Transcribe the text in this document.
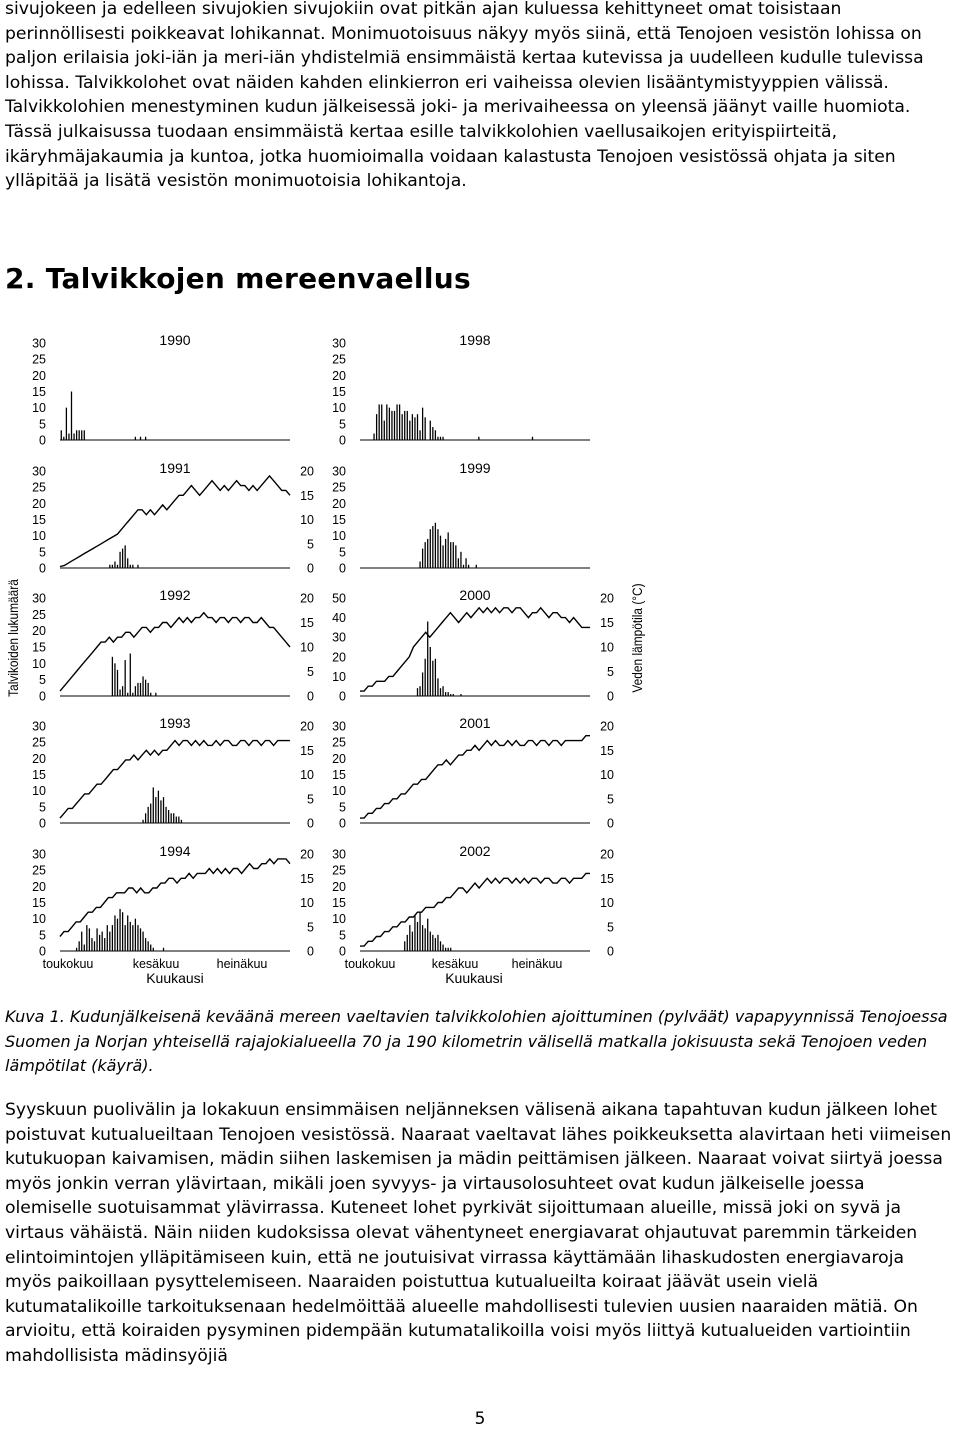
sivujokeen ja edelleen sivujokien sivujokiin ovat pitkän ajan kuluessa kehittyneet omat toisistaan perinnöllisesti poikkeavat lohikannat. Monimuotoisuus näkyy myös siinä, että Tenojoen vesistön lohissa on paljon erilaisia joki-iän ja meri-iän yhdistelmiä ensimmäistä kertaa kutevissa ja uudelleen kudulle tulevissa lohissa. Talvikkolohet ovat näiden kahden elinkierron eri vaiheissa olevien lisääntymistyyppien välissä. Talvikkolohien menestyminen kudun jälkeisessä joki- ja merivaiheessa on yleensä jäänyt vaille huomiota. Tässä julkaisussa tuodaan ensimmäistä kertaa esille talvikkolohien vaellusaikojen erityispiirteitä, ikäryhmäjakaumia ja kuntoa, jotka huomioimalla voidaan kalastusta Tenojoen vesistössä ohjata ja siten ylläpitää ja lisätä vesistön monimuotoisia lohikantoja.

2. Talvikkojen mereenvaellus
Talvikoiden lukumäärä	Veden lämpötila (°C)
toukokuu	kesäkuu	heinäkuu
Kuukausi
toukokuu	kesäkuu	heinäkuu
Kuukausi
0
5
10
15
20
25
30	1990
0
5
10
15
20
25
30	1998
0
5
10
15
20
25
30	1991
0
5
10
15
20
0
5
10
15
20
25
30	1999
0
5
10
15
20
25
30	1992
0
5
10
15
20
0
10
20
30
40
50	2000
0
5
10
15
20
0
5
10
15
20
25
30	1993
0
5
10
15
20
0
5
10
15
20
25
30	2001
0
5
10
15
20
0
5
10
15
20
25
30	1994
0
5
10
15
20
0
5
10
15
20
25
30	2002
0
5
10
15
20

Kuva 1. Kudunjälkeisenä keväänä mereen vaeltavien talvikkolohien ajoittuminen (pylväät) vapapyynnissä Tenojoessa Suomen ja Norjan yhteisellä rajajokialueella 70 ja 190 kilometrin välisellä matkalla jokisuusta sekä Tenojoen veden lämpötilat (käyrä).

Syyskuun puolivälin ja lokakuun ensimmäisen neljänneksen välisenä aikana tapahtuvan kudun jälkeen lohet poistuvat kutualueiltaan Tenojoen vesistössä. Naaraat vaeltavat lähes poikkeuksetta alavirtaan heti viimeisen kutukuopan kaivamisen, mädin siihen laskemisen ja mädin peittämisen jälkeen. Naaraat voivat siirtyä joessa myös jonkin verran ylävirtaan, mikäli joen syvyys- ja virtausolosuhteet ovat kudun jälkeiselle joessa olemiselle suotuisammat ylävirrassa. Kuteneet lohet pyrkivät sijoittumaan alueille, missä joki on syvä ja virtaus vähäistä. Näin niiden kudoksissa olevat vähentyneet energiavarat ohjautuvat paremmin tärkeiden elintoimintojen ylläpitämiseen kuin, että ne joutuisivat virrassa käyttämään lihaskudosten energiavaroja myös paikoillaan pysyttelemiseen. Naaraiden poistuttua kutualueilta koiraat jäävät usein vielä kutumatalikoille tarkoituksenaan hedelmöittää alueelle mahdollisesti tulevien uusien naaraiden mätiä. On arvioitu, että koiraiden pysyminen pidempään kutumatalikoilla voisi myös liittyä kutualueiden vartiointiin mahdollisista mädinsyöjiä

5
